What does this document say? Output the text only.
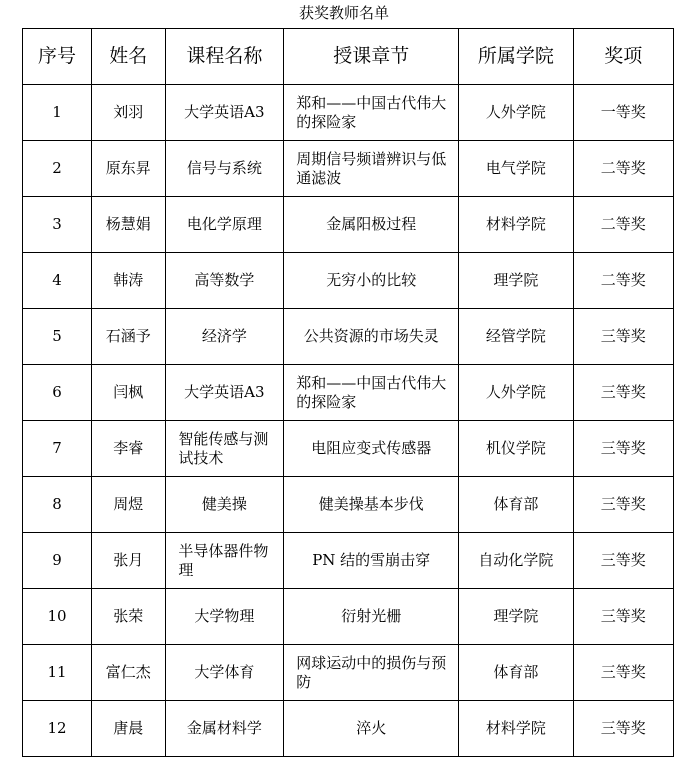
获奖教师名单
序号	姓名	课程名称	授课章节	所属学院	奖项
1	刘羽	大学英语A3	郑和——中国古代伟大的探险家	人外学院	一等奖
2	原东昇	信号与系统	周期信号频谱辨识与低通滤波	电气学院	二等奖
3	杨慧娟	电化学原理	金属阳极过程	材料学院	二等奖
4	韩涛	高等数学	无穷小的比较	理学院	二等奖
5	石涵予	经济学	公共资源的市场失灵	经管学院	三等奖
6	闫枫	大学英语A3	郑和——中国古代伟大的探险家	人外学院	三等奖
7	李睿	智能传感与测试技术	电阻应变式传感器	机仪学院	三等奖
8	周煜	健美操	健美操基本步伐	体育部	三等奖
9	张月	半导体器件物理	PN 结的雪崩击穿	自动化学院	三等奖
10	张荣	大学物理	衍射光栅	理学院	三等奖
11	富仁杰	大学体育	网球运动中的损伤与预防	体育部	三等奖
12	唐晨	金属材料学	淬火	材料学院	三等奖
